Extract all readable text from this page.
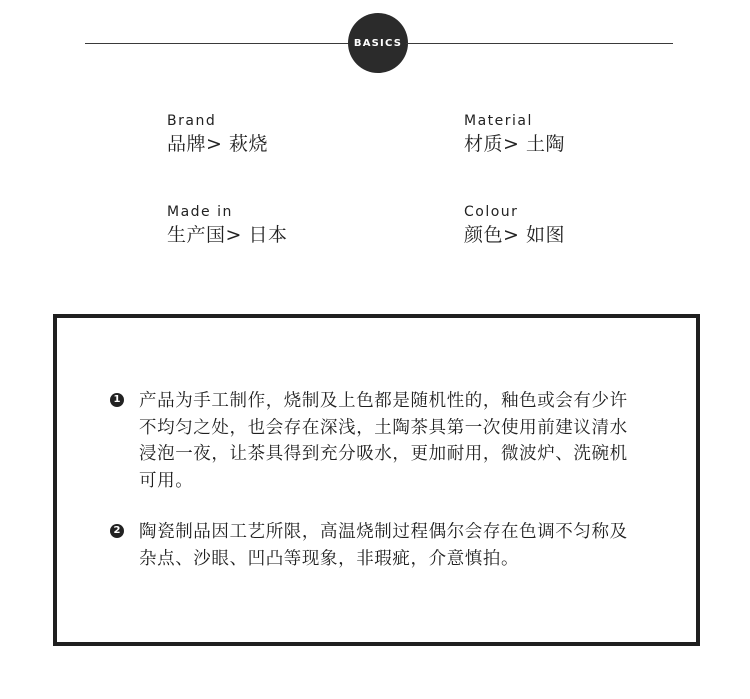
BASICS
Brand
品牌> 萩烧
Material
材质> 土陶
Made in
生产国> 日本
Colour
颜色> 如图
1 产品为手工制作，烧制及上色都是随机性的，釉色或会有少许不均匀之处，也会存在深浅，土陶茶具第一次使用前建议清水浸泡一夜，让茶具得到充分吸水，更加耐用，微波炉、洗碗机可用。
2 陶瓷制品因工艺所限，高温烧制过程偶尔会存在色调不匀称及杂点、沙眼、凹凸等现象，非瑕疵，介意慎拍。
